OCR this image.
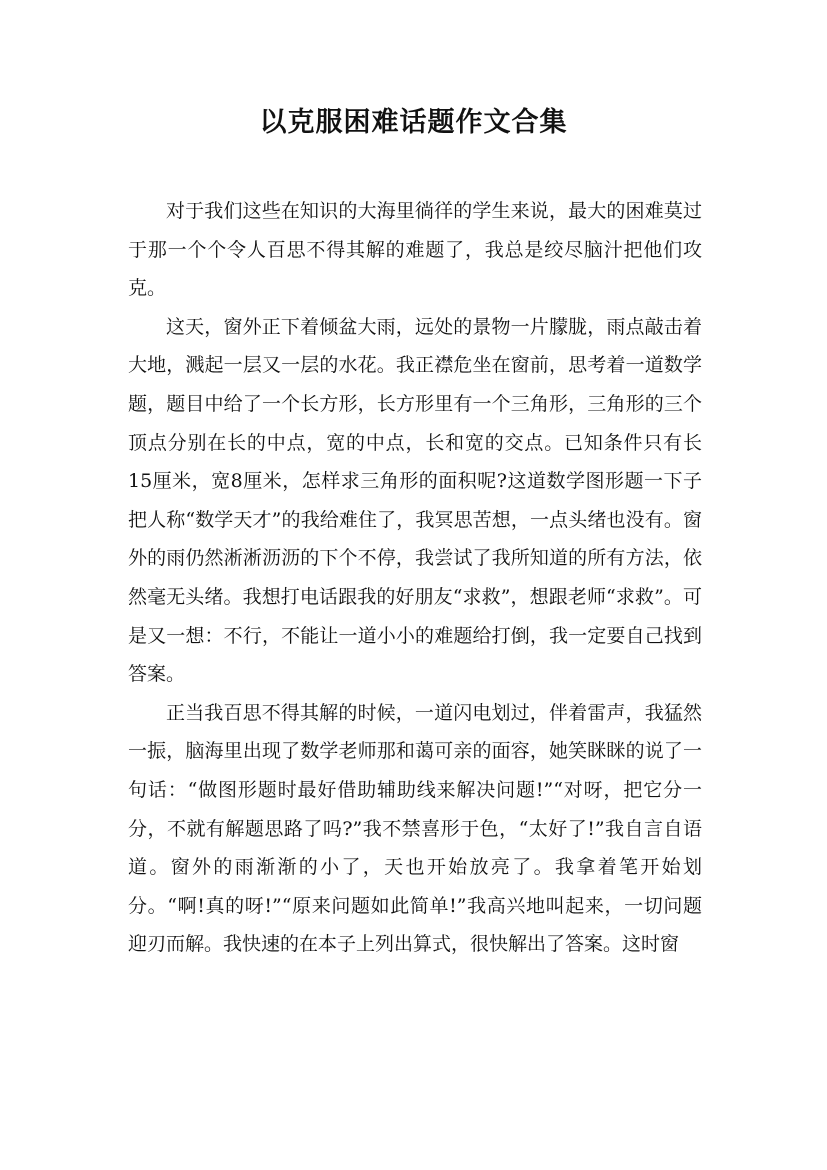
以克服困难话题作文合集

对于我们这些在知识的大海里徜徉的学生来说，最大的困难莫过于那一个个令人百思不得其解的难题了，我总是绞尽脑汁把他们攻克。

这天，窗外正下着倾盆大雨，远处的景物一片朦胧，雨点敲击着大地，溅起一层又一层的水花。我正襟危坐在窗前，思考着一道数学题，题目中给了一个长方形，长方形里有一个三角形，三角形的三个顶点分别在长的中点，宽的中点，长和宽的交点。已知条件只有长15厘米，宽8厘米，怎样求三角形的面积呢?这道数学图形题一下子把人称“数学天才”的我给难住了，我冥思苦想，一点头绪也没有。窗外的雨仍然淅淅沥沥的下个不停，我尝试了我所知道的所有方法，依然毫无头绪。我想打电话跟我的好朋友“求救”，想跟老师“求救”。可是又一想：不行，不能让一道小小的难题给打倒，我一定要自己找到答案。

正当我百思不得其解的时候，一道闪电划过，伴着雷声，我猛然一振，脑海里出现了数学老师那和蔼可亲的面容，她笑眯眯的说了一句话：“做图形题时最好借助辅助线来解决问题!”“对呀，把它分一分，不就有解题思路了吗?”我不禁喜形于色，“太好了!”我自言自语道。窗外的雨渐渐的小了，天也开始放亮了。我拿着笔开始划分。“啊!真的呀!”“原来问题如此简单!”我高兴地叫起来，一切问题迎刃而解。我快速的在本子上列出算式，很快解出了答案。这时窗
